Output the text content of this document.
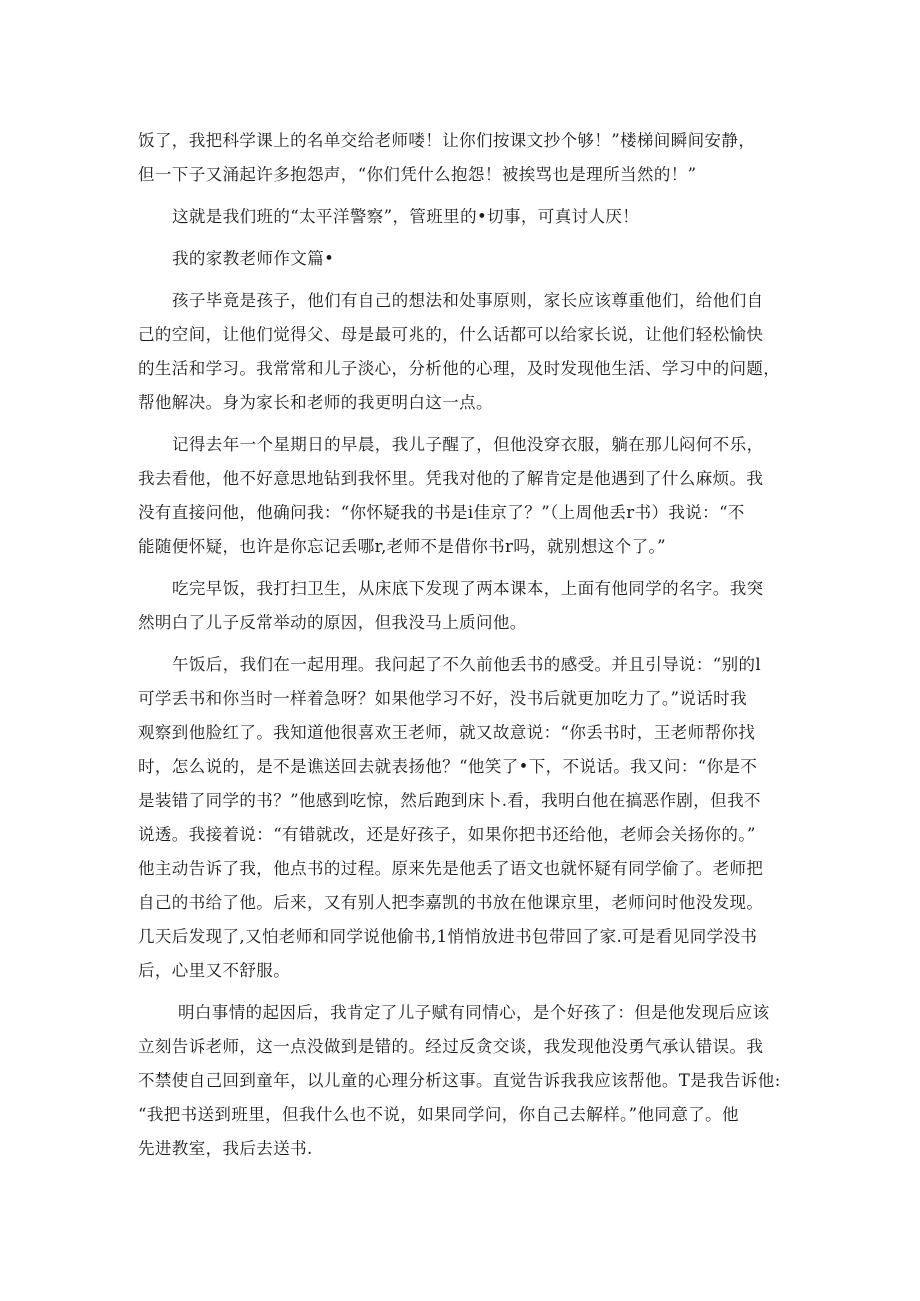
饭了，我把科学课上的名单交给老师喽！让你们按课文抄个够！”楼梯间瞬间安静，
但一下子又涌起许多抱怨声，“你们凭什么抱怨！被挨骂也是理所当然的！”
这就是我们班的“太平洋警察”，管班里的•切事，可真讨人厌！
我的家教老师作文篇•
孩子毕竟是孩子，他们有自己的想法和处事原则，家长应该尊重他们，给他们自
己的空间，让他们觉得父、母是最可兆的，什么话都可以给家长说，让他们轻松愉快
的生活和学习。我常常和儿子淡心，分析他的心理，及时发现他生活、学习中的问题，
帮他解决。身为家长和老师的我更明白这一点。
记得去年一个星期日的早晨，我儿子醒了，但他没穿衣服，躺在那儿闷何不乐，
我去看他，他不好意思地钻到我怀里。凭我对他的了解肯定是他遇到了什么麻烦。我
没有直接问他，他确问我：“你怀疑我的书是i佳京了？”（上周他丢r书）我说：“不
能随便怀疑，也许是你忘记丢哪r,老师不是借你书r吗，就别想这个了。”
吃完早饭，我打扫卫生，从床底下发现了两本课本，上面有他同学的名字。我突
然明白了儿子反常举动的原因，但我没马上质问他。
午饭后，我们在一起用理。我问起了不久前他丢书的感受。并且引导说：“别的l
可学丢书和你当时一样着急呀？如果他学习不好，没书后就更加吃力了。”说话时我
观察到他脸红了。我知道他很喜欢王老师，就又故意说：“你丢书时，王老师帮你找
时，怎么说的，是不是谯送回去就表扬他？“他笑了•下，不说话。我又问：“你是不
是装错了同学的书？”他感到吃惊，然后跑到床卜.看，我明白他在搞恶作剧，但我不
说透。我接着说：“有错就改，还是好孩子，如果你把书还给他，老师会关扬你的。”
他主动告诉了我，他点书的过程。原来先是他丢了语文也就怀疑有同学偷了。老师把
自己的书给了他。后来，又有别人把李嘉凯的书放在他课京里，老师问时他没发现。
几天后发现了,又怕老师和同学说他偷书,1悄悄放进书包带回了家.可是看见同学没书
后，心里又不舒服。
明白事情的起因后，我肯定了儿子赋有同情心，是个好孩了：但是他发现后应该
立刻告诉老师，这一点没做到是错的。经过反贪交谈，我发现他没勇气承认错误。我
不禁使自己回到童年，以儿童的心理分析这事。直觉告诉我我应该帮他。T是我告诉他:
“我把书送到班里，但我什么也不说，如果同学问，你自己去解样。”他同意了。他
先进教室，我后去送书.
